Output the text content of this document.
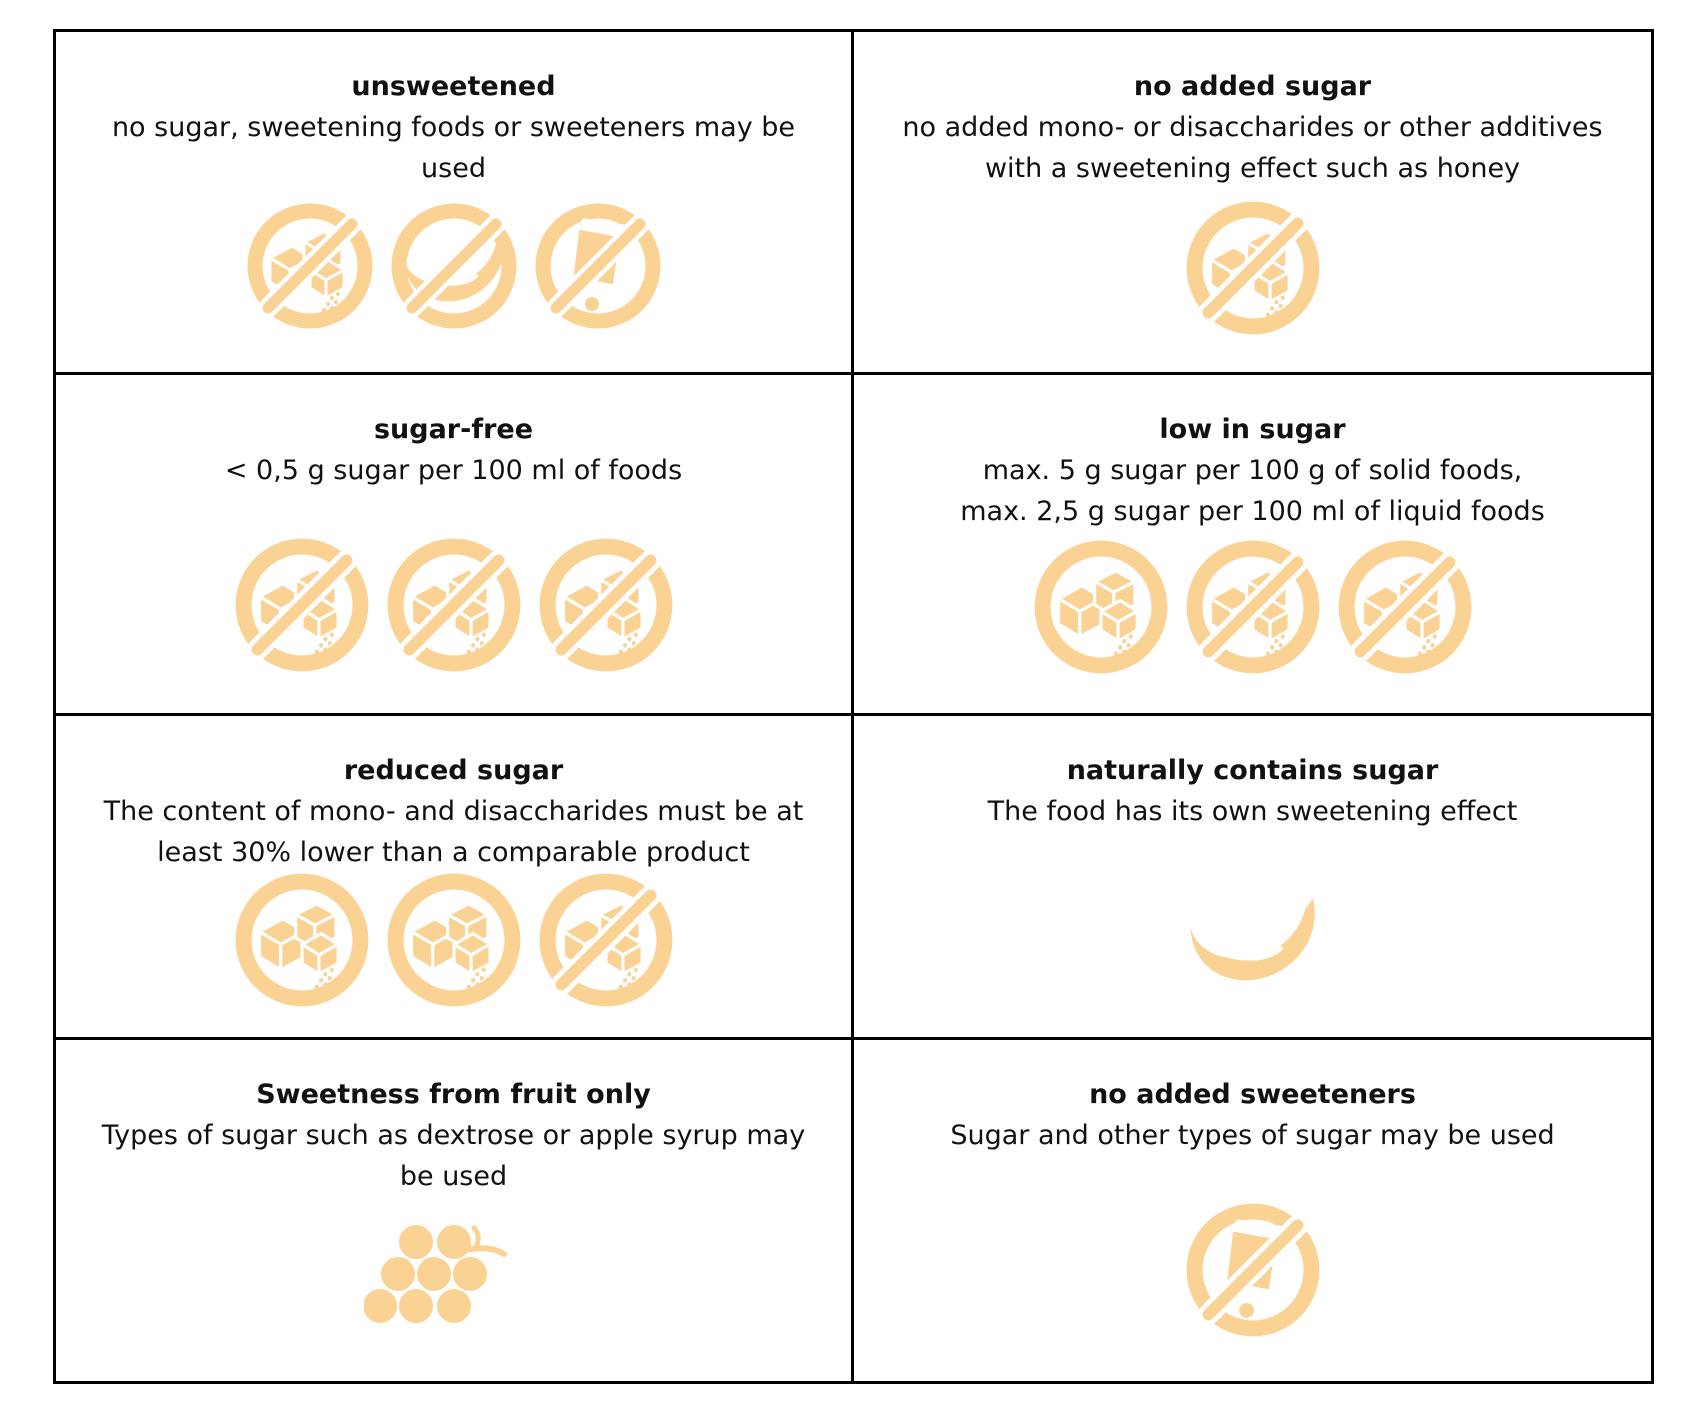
unsweetened
no sugar, sweetening foods or sweeteners may be used
no added sugar
no added mono- or disaccharides or other additives with a sweetening effect such as honey
sugar-free
< 0,5 g sugar per 100 ml of foods
low in sugar
max. 5 g sugar per 100 g of solid foods,
max. 2,5 g sugar per 100 ml of liquid foods
reduced sugar
The content of mono- and disaccharides must be at least 30% lower than a comparable product
naturally contains sugar
The food has its own sweetening effect
Sweetness from fruit only
Types of sugar such as dextrose or apple syrup may be used
no added sweeteners
Sugar and other types of sugar may be used
